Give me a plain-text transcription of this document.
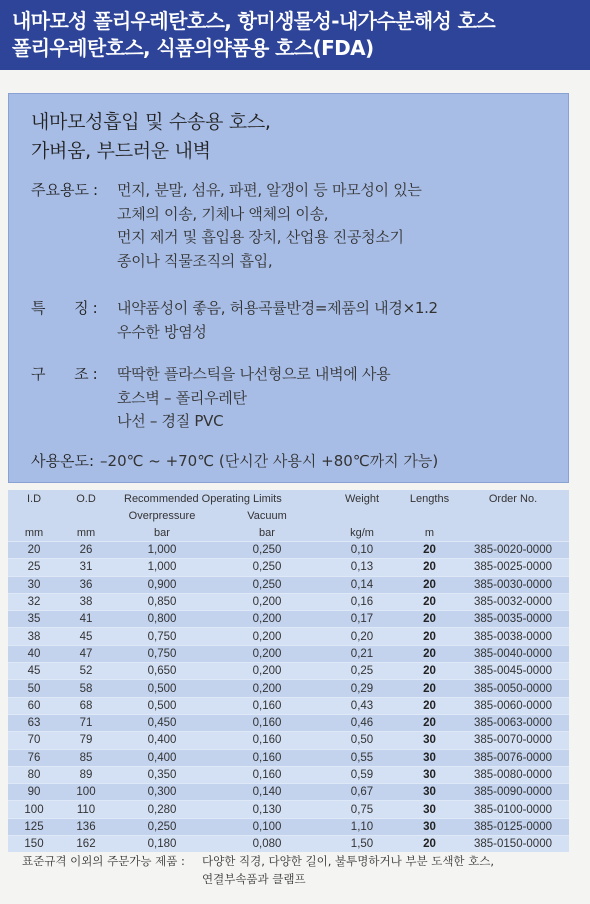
내마모성 폴리우레탄호스, 항미생물성-내가수분해성 호스
폴리우레탄호스, 식품의약품용 호스(FDA)
내마모성흡입 및 수송용 호스,
가벼움, 부드러운 내벽
주요용도 : 먼지, 분말, 섬유, 파편, 알갱이 등 마모성이 있는
고체의 이송, 기체나 액체의 이송,
먼지 제거 및 흡입용 장치, 산업용 진공청소기
종이나 직물조직의 흡입,
특      징 : 내약품성이 좋음, 허용곡률반경=제품의 내경×1.2
우수한 방염성
구      조 : 딱딱한 플라스틱을 나선형으로 내벽에 사용
호스벽 – 폴리우레탄
나선 – 경질 PVC
사용온도: –20℃ ~ +70℃ (단시간 사용시 +80℃까지 가능)
I.D	O.D	Recommended Operating Limits		Weight	Lengths	Order No.
		Overpressure	Vacuum			
mm	mm	bar	bar	kg/m	m	
20	26	1,000	0,250	0,10	20	385-0020-0000
25	31	1,000	0,250	0,13	20	385-0025-0000
30	36	0,900	0,250	0,14	20	385-0030-0000
32	38	0,850	0,200	0,16	20	385-0032-0000
35	41	0,800	0,200	0,17	20	385-0035-0000
38	45	0,750	0,200	0,20	20	385-0038-0000
40	47	0,750	0,200	0,21	20	385-0040-0000
45	52	0,650	0,200	0,25	20	385-0045-0000
50	58	0,500	0,200	0,29	20	385-0050-0000
60	68	0,500	0,160	0,43	20	385-0060-0000
63	71	0,450	0,160	0,46	20	385-0063-0000
70	79	0,400	0,160	0,50	30	385-0070-0000
76	85	0,400	0,160	0,55	30	385-0076-0000
80	89	0,350	0,160	0,59	30	385-0080-0000
90	100	0,300	0,140	0,67	30	385-0090-0000
100	110	0,280	0,130	0,75	30	385-0100-0000
125	136	0,250	0,100	1,10	30	385-0125-0000
150	162	0,180	0,080	1,50	20	385-0150-0000
표준규격 이외의 주문가능 제품 : 다양한 직경, 다양한 길이, 불투명하거나 부분 도색한 호스,
연결부속품과 클램프
